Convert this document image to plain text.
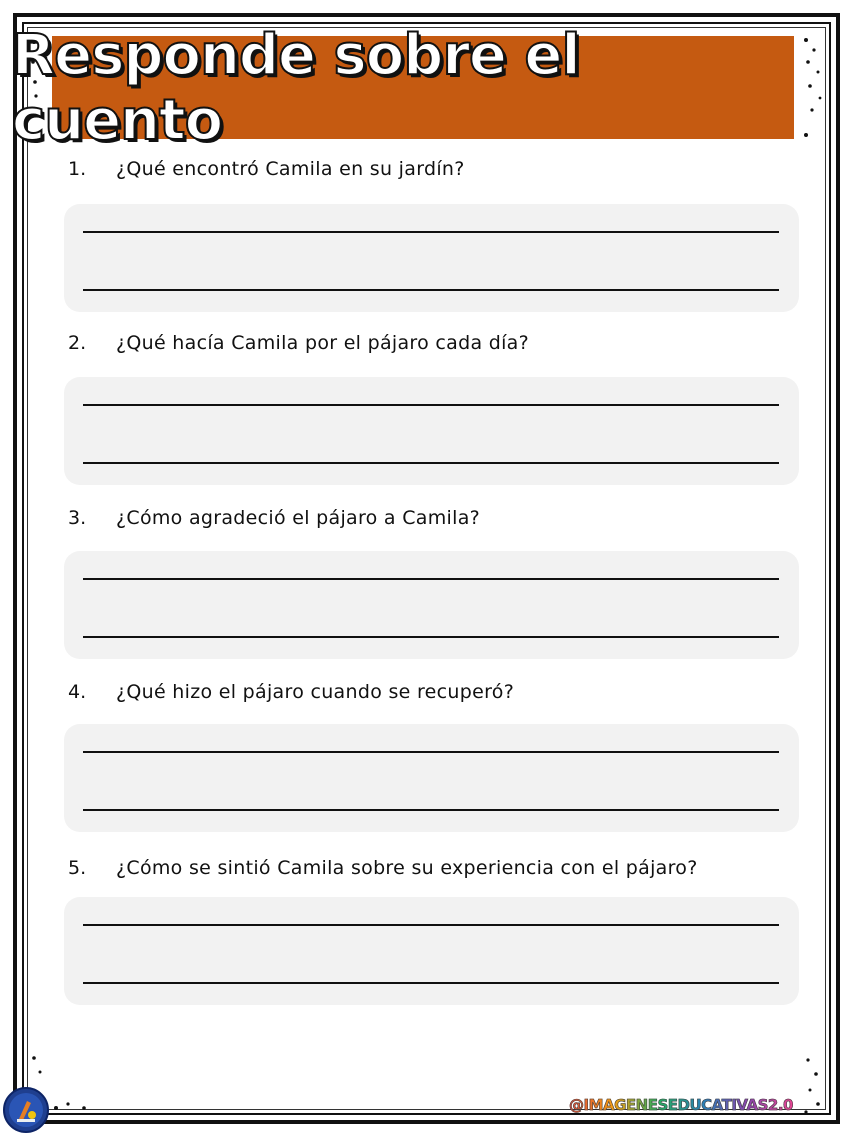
Responde sobre el cuento
1.	¿Qué encontró Camila en su jardín?
2.	¿Qué hacía Camila por el pájaro cada día?
3.	¿Cómo agradeció el pájaro a Camila?
4.	¿Qué hizo el pájaro cuando se recuperó?
5.	¿Cómo se sintió Camila sobre su experiencia con el pájaro?
@IMAGENESEDUCATIVAS2.0
